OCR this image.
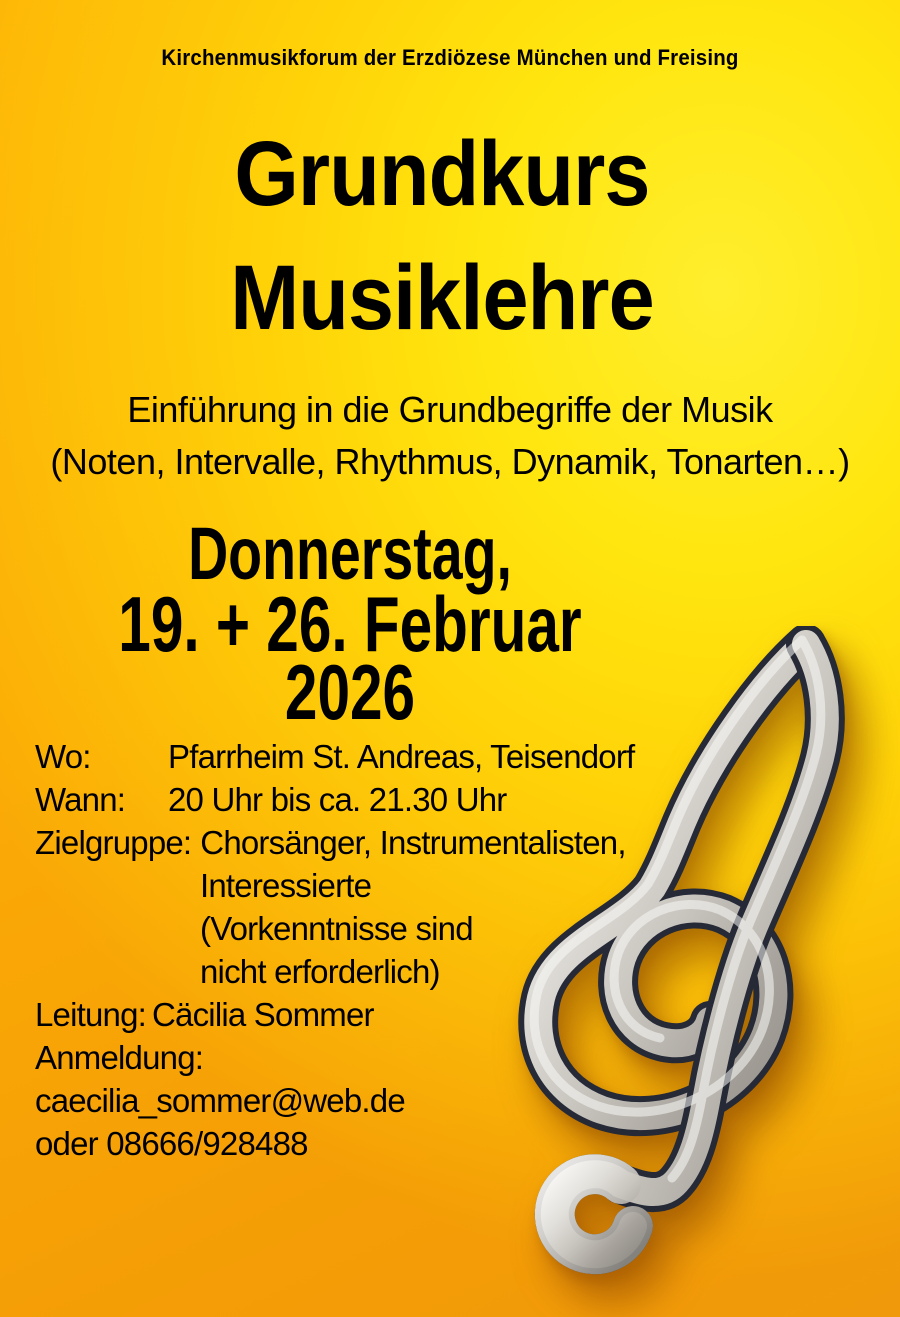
Kirchenmusikforum der Erzdiözese München und Freising
Grundkurs
Musiklehre
Einführung in die Grundbegriffe der Musik
(Noten, Intervalle, Rhythmus, Dynamik, Tonarten…)
Donnerstag,
19. + 26. Februar 2026
Wo:	Pfarrheim St. Andreas, Teisendorf
Wann:	20 Uhr bis ca. 21.30 Uhr
Zielgruppe: Chorsänger, Instrumentalisten,
Interessierte
(Vorkenntnisse sind
nicht erforderlich)
Leitung: Cäcilia Sommer
Anmeldung:
caecilia_sommer@web.de
oder 08666/928488
